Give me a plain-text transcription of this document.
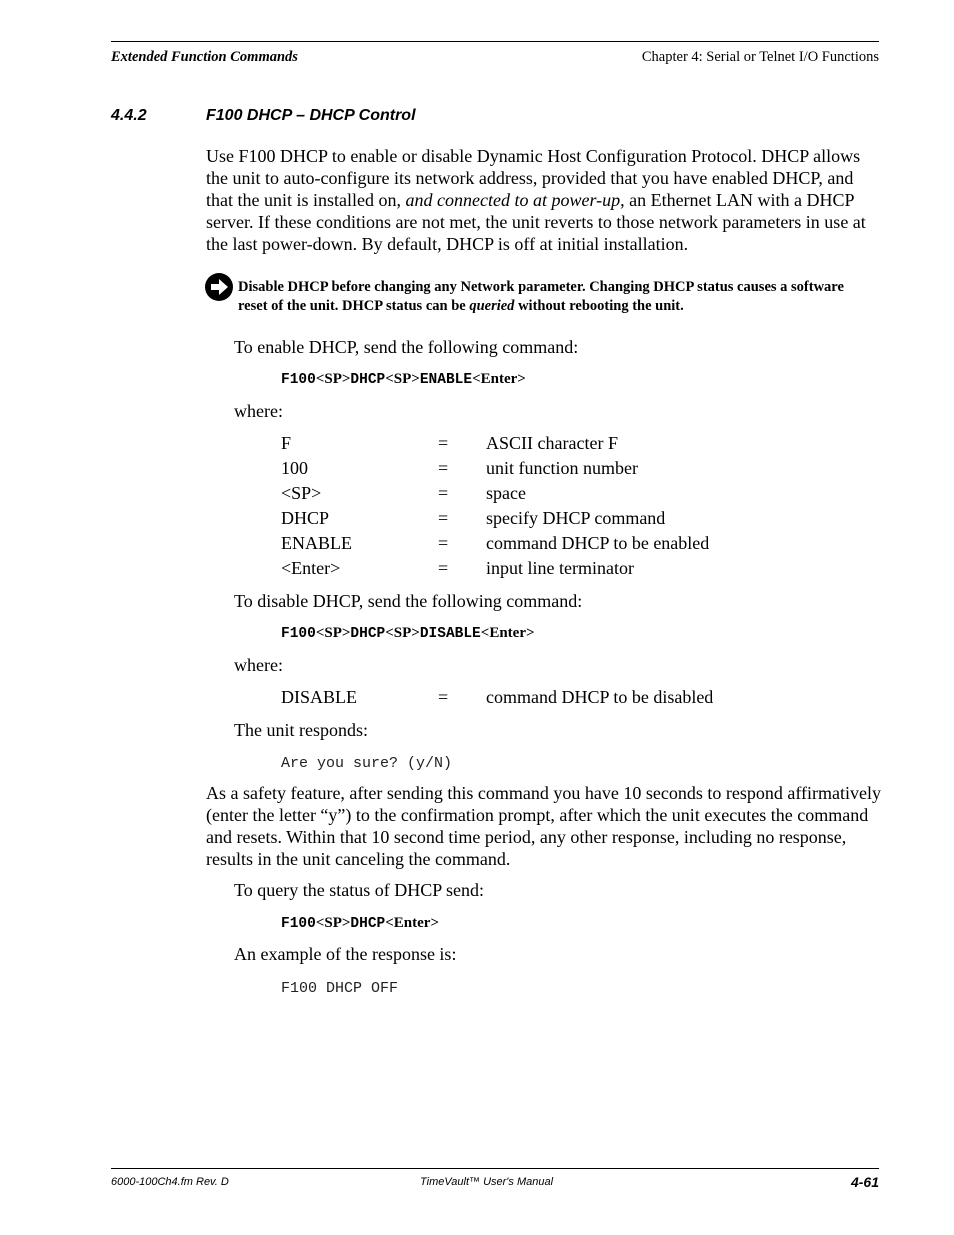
Extended Function Commands	Chapter 4: Serial or Telnet I/O Functions
4.4.2	F100 DHCP – DHCP Control
Use F100 DHCP to enable or disable Dynamic Host Configuration Protocol. DHCP allows the unit to auto-configure its network address, provided that you have enabled DHCP, and that the unit is installed on, and connected to at power-up, an Ethernet LAN with a DHCP server. If these conditions are not met, the unit reverts to those network parameters in use at the last power-down. By default, DHCP is off at initial installation.
Disable DHCP before changing any Network parameter. Changing DHCP status causes a software reset of the unit. DHCP status can be queried without rebooting the unit.
To enable DHCP, send the following command:
F100<SP>DHCP<SP>ENABLE<Enter>
where:
F	= ASCII character F
100	= unit function number
<SP>	= space
DHCP	= specify DHCP command
ENABLE	= command DHCP to be enabled
<Enter>	= input line terminator
To disable DHCP, send the following command:
F100<SP>DHCP<SP>DISABLE<Enter>
where:
DISABLE	= command DHCP to be disabled
The unit responds:
Are you sure? (y/N)
As a safety feature, after sending this command you have 10 seconds to respond affirmatively (enter the letter “y”) to the confirmation prompt, after which the unit executes the command and resets. Within that 10 second time period, any other response, including no response, results in the unit canceling the command.
To query the status of DHCP send:
F100<SP>DHCP<Enter>
An example of the response is:
F100 DHCP OFF
6000-100Ch4.fm Rev. D	TimeVault™ User's Manual	4-61
